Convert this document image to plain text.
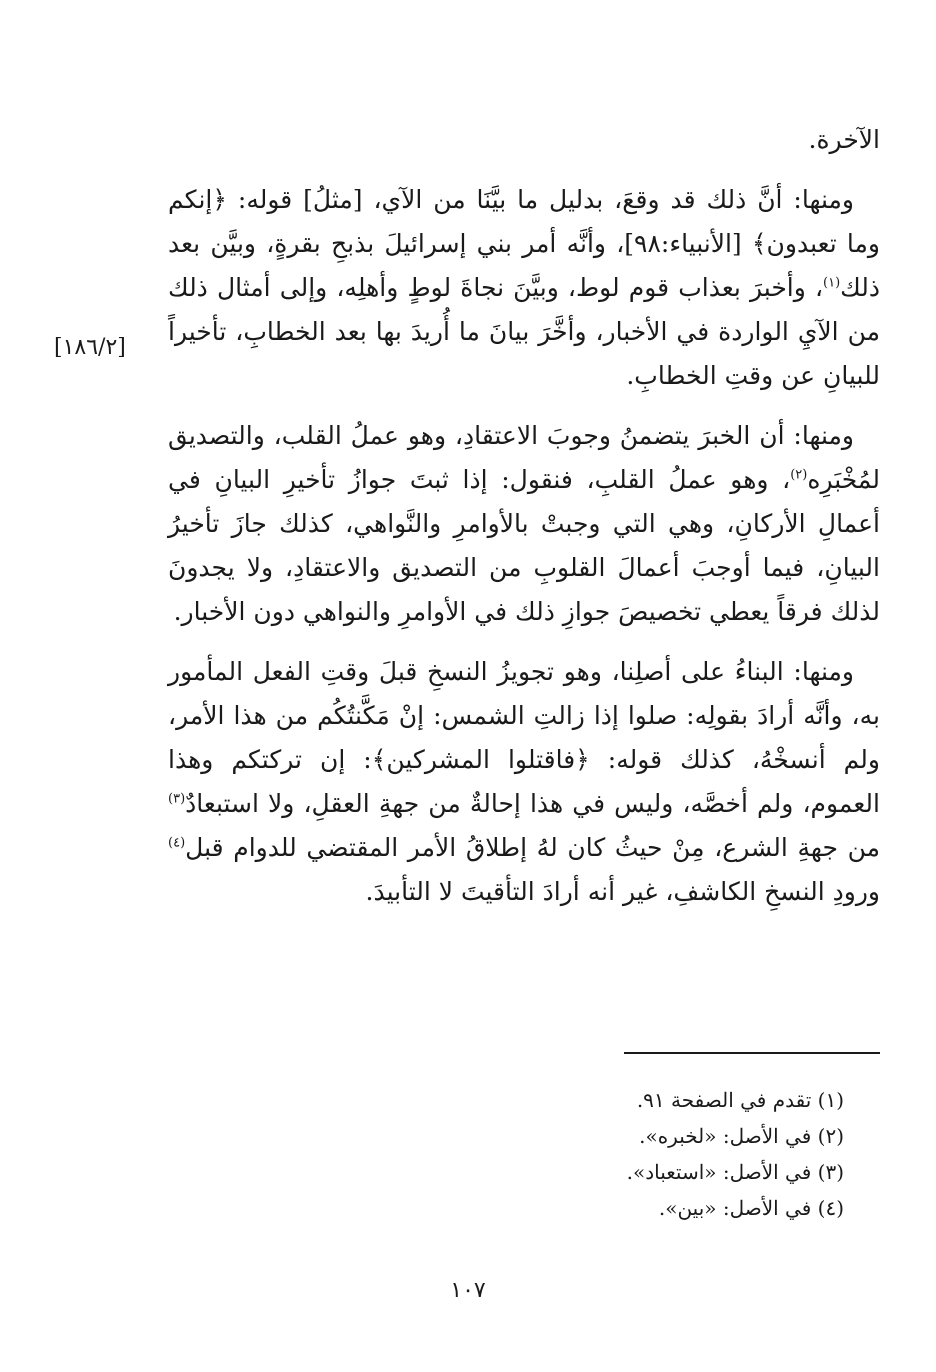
الآخرة.

ومنها: أنَّ ذلك قد وقعَ، بدليل ما بيَّنَا من الآي، [مثلُ] قوله: ﴿إنكم وما تعبدون﴾ [الأنبياء:٩٨]، وأنَّه أمر بني إسرائيلَ بذبحِ بقرةٍ، وبيَّن بعد ذلك$^{(١)}$، وأخبرَ بعذاب قوم لوط، وبيَّنَ نجاةَ لوطٍ وأهلِه، وإلى أمثال ذلك من الآيِ الواردة في الأخبار، وأخَّرَ بيانَ ما أُريدَ بها بعد الخطابِ، تأخيراً للبيانِ عن وقتِ الخطابِ.

ومنها: أن الخبرَ يتضمنُ وجوبَ الاعتقادِ، وهو عملُ القلب، والتصديق لمُخْبَرِه$^{(٢)}$، وهو عملُ القلبِ، فنقول: إذا ثبتَ جوازُ تأخيرِ البيانِ في أعمالِ الأركانِ، وهي التي وجبتْ بالأوامرِ والنَّواهي، كذلك جازَ تأخيرُ البيانِ، فيما أوجبَ أعمالَ القلوبِ من التصديق والاعتقادِ، ولا يجدونَ لذلك فرقاً يعطي تخصيصَ جوازِ ذلك في الأوامرِ والنواهي دون الأخبار.

ومنها: البناءُ على أصلِنا، وهو تجويزُ النسخِ قبلَ وقتِ الفعل المأمور به، وأنَّه أرادَ بقولِه: صلوا إذا زالتِ الشمس: إنْ مَكَّنتُكُم من هذا الأمر، ولم أنسخْهُ، كذلك قوله: ﴿فاقتلوا المشركين﴾: إن تركتكم وهذا العموم، ولم أخصَّه، وليس في هذا إحالةٌ من جهةِ العقلِ، ولا استبعادٌ$^{(٣)}$ من جهةِ الشرع، مِنْ حيثُ كان لهُ إطلاقُ الأمر المقتضي للدوام قبل$^{(٤)}$ ورودِ النسخِ الكاشفِ، غير أنه أرادَ التأقيتَ لا التأبيدَ.

[١٨٦/٢]
(١) تقدم في الصفحة ٩١.
(٢) في الأصل: «لخبره».
(٣) في الأصل: «استعباد».
(٤) في الأصل: «بين».
١٠٧
